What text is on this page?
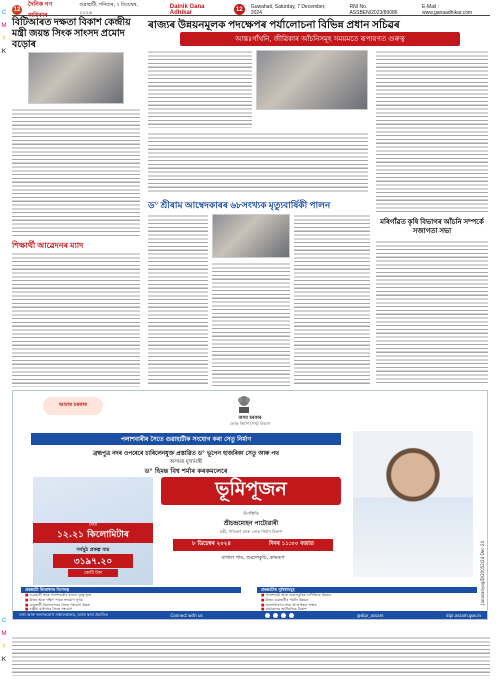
C
M
Y
K
C
M
Y
K
12
দৈনিক গণ অধিকাৰ
গুৱাহাটী, শনিবাৰ, ৭ ডিচেম্বৰ, ২০২৪
Dainik Gana Adhikar	12	Guwahati, Saturday, 7 December, 2024
RNI No. ASSBEN/2023/89086
E-Mail : www.ganaadhikar.com
বিটিআৰত দক্ষতা বিকাশ কেন্দ্ৰীয় মন্ত্ৰী জয়ন্ত সিংক সাংসদ প্ৰমোদ বড়োৰ
শিক্ষাৰ্থী আৱেদনৰ ম্যাদ
ৰাজ্যৰ উন্নয়নমূলক পদক্ষেপৰ পৰ্যালোচনা বিভিন্ন প্ৰধান সচিৱৰ
আন্তঃগাঁথনি, জীৱিকাৰ আঁচনিসমূহ সময়মতে ৰূপায়ণত গুৰুত্ব
ড° শ্ৰীৰাম আম্বেদকাৰৰ ৬৮সংখ্যক মৃত্যুবাৰ্ষিকী পালন
মৰিগাঁৱত কৃষি বিভাগৰ আঁচনি সম্পৰ্কে সজাগতা সভা
আমাৰ চৰকাৰ
অসম চৰকাৰ
লোক নিৰ্মাণ (পথ) বিভাগ
পলাশবাৰীৰ সৈতে গুৱাহাটীক সংযোগ কৰা সেতু নিৰ্মাণ
ব্ৰহ্মপুত্ৰ নদৰ ওপৰেৰে চাৰিলেনযুক্ত প্ৰস্তাৱিত ড° ভূপেন হাজৰিকা সেতু আৰু পথ
অসমৰ মুখ্যমন্ত্ৰী
ড° হিমন্ত বিশ্ব শৰ্মাৰ কৰকমলেৰে
ভূমিপূজন
দৈৰ্ঘ্য
১২.২১ কিলোমিটাৰ
সৰ্বমুঠ প্ৰকল্প ব্যয়
৩১৯৭.২০
কোটি টকা
উপস্থিতি
শ্ৰীচন্দ্ৰমোহন পাটোৱাৰী
মন্ত্ৰী, পৰিবহণ আৰু লোক নিৰ্মাণ বিভাগ
৮ ডিচেম্বৰ ২০২৪	দিনৰ ১১:০০ বজাত
বাখাল গাম, শুৱালকুচি, কামৰূপ	Janasanyog/D/20052/24-Dec-24
প্ৰকল্পটো উদ্বোধনৰ বিশেষত্ব
■ গুৱাহাটী আৰু পলাশবাৰীৰ মাজৰ দূৰত্ব হ্ৰাস
■ উত্তৰ আৰু দক্ষিণ পাৰৰ সংযোগ সুগম
■ গুৱাহাটী বিমানবন্দৰৰ সৈতে সংযোগ উন্নত
■ ৰাষ্ট্ৰীয় ঘাইপথৰ সৈতে সংযোগ
প্ৰকল্পটোৰ সুবিধাসমূহ
■ পলাশবাৰী আৰু শুৱালকুচিৰ বাণিজ্যিক উন্নয়ন
■ উত্তৰ গুৱাহাটীৰ পৰ্যটন উন্নয়ন
■ জনসাধাৰণৰ সময় আৰু ইন্ধন সাশ্ৰয়
■ গ্ৰামাঞ্চলৰ অৰ্থনৈতিক বিকাশ
তথ্য আৰু জনসংযোগ সঞ্চালকালয়, অসম দ্বাৰা প্ৰচাৰিত	Connect with us	@dipr_assam	dipr.assam.gov.in
